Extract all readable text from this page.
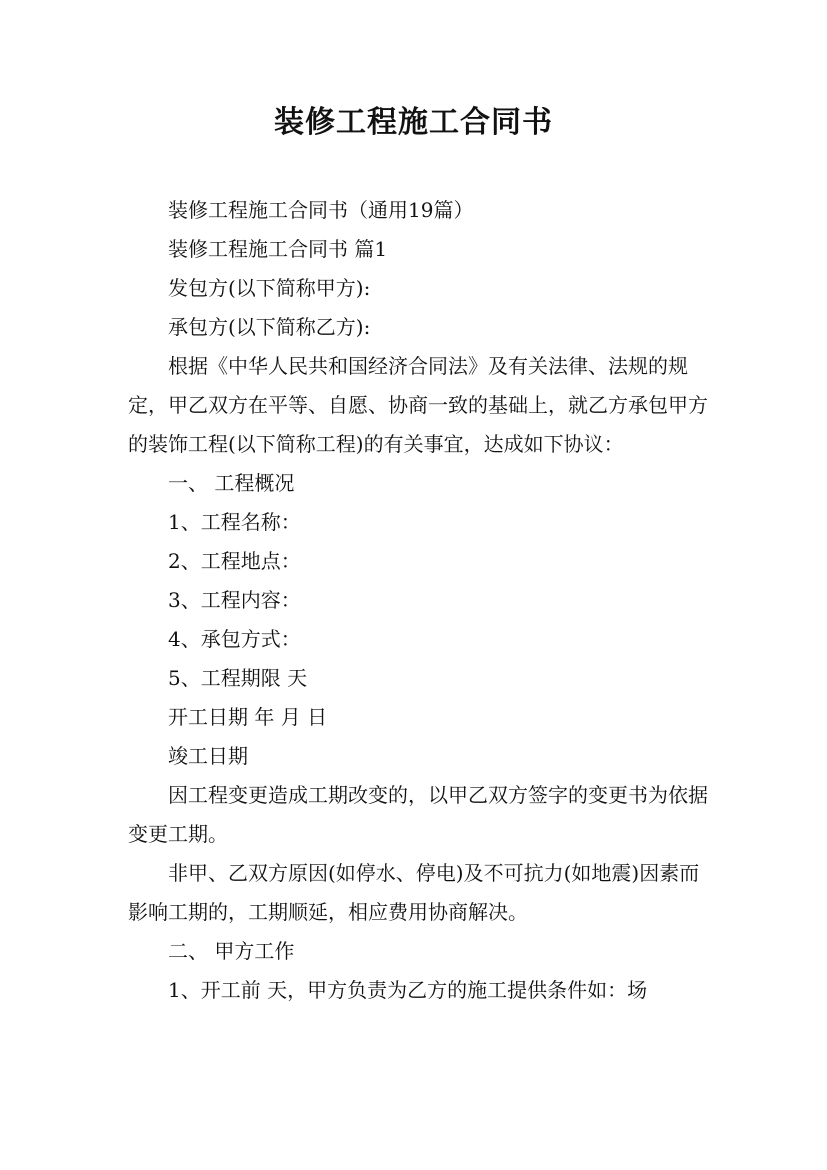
装修工程施工合同书

装修工程施工合同书（通用19篇）

装修工程施工合同书 篇1

发包方(以下简称甲方):

承包方(以下简称乙方):

根据《中华人民共和国经济合同法》及有关法律、法规的规定，甲乙双方在平等、自愿、协商一致的基础上，就乙方承包甲方的装饰工程(以下简称工程)的有关事宜，达成如下协议：

一、 工程概况

1、工程名称：

2、工程地点：

3、工程内容：

4、承包方式：

5、工程期限 天

开工日期 年 月 日

竣工日期

因工程变更造成工期改变的，以甲乙双方签字的变更书为依据变更工期。

非甲、乙双方原因(如停水、停电)及不可抗力(如地震)因素而影响工期的，工期顺延，相应费用协商解决。

二、 甲方工作

1、开工前 天，甲方负责为乙方的施工提供条件如：场
